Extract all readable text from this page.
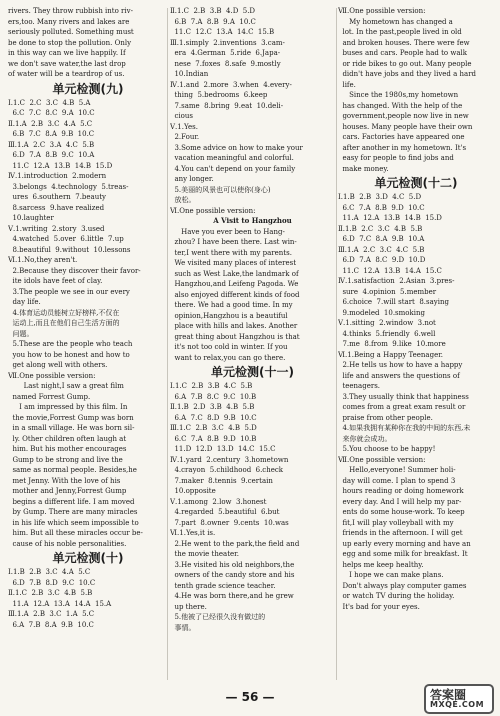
rivers. They throw rubbish into riv-
ers,too. Many rivers and lakes are
seriously polluted. Something must
be done to stop the pollution. Only
in this way can we live happily. If
we don't save water,the last drop
of water will be a teardrop of us.
单元检测(九)
Ⅰ.1.C  2.C  3.C  4.B  5.A
6.C  7.C  8.C  9.A  10.C
Ⅱ.1.A  2.B  3.C  4.A  5.C
6.B  7.C  8.A  9.B  10.C
Ⅲ.1.A  2.C  3.A  4.C  5.B
6.D  7.A  8.B  9.C  10.A
11.C  12.A  13.B  14.B  15.D
Ⅳ.1.introduction  2.modern
3.belongs  4.technology  5.treas-
ures  6.southern  7.beauty
8.sarcess  9.have realized
10.laughter
Ⅴ.1.writing  2.story  3.used
4.watched  5.over  6.little  7.up
8.beautiful  9.without  10.lessons
Ⅵ.1.No,they aren't.
2.Because they discover their favor-
ite idols have feet of clay.
3.The people we see in our every
day life.
4.体育运动员能树立好榜样,不仅在
运动上,而且在他们自己生活方面的
问题。
5.These are the people who teach
you how to be honest and how to
get along well with others.
Ⅶ.One possible version:
Last night,I saw a great film
named Forrest Gump.
I am impressed by this film. In
the movie,Forrest Gump was born
in a small village. He was born sil-
ly. Other children often laugh at
him. But his mother encourages
Gump to be strong and live the
same as normal people. Besides,he
met Jenny. With the love of his
mother and Jenny,Forrest Gump
begins a different life. I am moved
by Gump. There are many miracles
in his life which seem impossible to
him. But all these miracles occur be-
cause of his noble personalities.
单元检测(十)
Ⅰ.1.B  2.B  3.C  4.A  5.C
6.D  7.B  8.D  9.C  10.C
Ⅱ.1.C  2.B  3.C  4.B  5.B
11.A  12.A  13.A  14.A  15.A
Ⅲ.1.A  2.B  3.C  1.A  5.C
6.A  7.B  8.A  9.B  10.C
Ⅱ.1.C  2.B  3.B  4.D  5.D
6.B  7.A  8.B  9.A  10.C
11.C  12.C  13.A  14.C  15.B
Ⅲ.1.simply  2.inventions  3.cam-
era  4.German  5.ride  6.Japa-
nese  7.foxes  8.safe  9.mostly
10.Indian
Ⅳ.1.and  2.more  3.when  4.every-
thing  5.bedrooms  6.keep
7.same  8.bring  9.eat  10.deli-
cious
Ⅴ.1.Yes.
2.Four.
3.Some advice on how to make your
vacation meaningful and colorful.
4.You can't depend on your family
any longer.
5.美丽的风景也可以使你(身心)
放松。
Ⅵ.One possible version:
A Visit to Hangzhou
Have you ever been to Hang-
zhou? I have been there. Last win-
ter,I went there with my parents.
We visited many places of interest
such as West Lake,the landmark of
Hangzhou,and Leifeng Pagoda. We
also enjoyed different kinds of food
there. We had a good time. In my
opinion,Hangzhou is a beautiful
place with hills and lakes. Another
great thing about Hangzhou is that
it's not too cold in winter. If you
want to relax,you can go there.
单元检测(十一)
Ⅰ.1.C  2.B  3.B  4.C  5.B
6.A  7.B  8.C  9.C  10.B
Ⅱ.1.B  2.D  3.B  4.B  5.B
6.A  7.C  8.D  9.B  10.C
Ⅲ.1.C  2.B  3.C  4.B  5.D
6.C  7.A  8.B  9.D  10.B
11.D  12.D  13.D  14.C  15.C
Ⅳ.1.yard  2.century  3.hometown
4.crayon  5.childhood  6.check
7.maker  8.tennis  9.certain
10.opposite
Ⅴ.1.among  2.low  3.honest
4.regarded  5.beautiful  6.but
7.part  8.owner  9.cents  10.was
Ⅵ.1.Yes,it is.
2.He went to the park,the field and
the movie theater.
3.He visited his old neighbors,the
owners of the candy store and his
tenth grade science teacher.
4.He was born there,and he grew
up there.
5.他被了已经很久没有做过的
事情。
Ⅶ.One possible version:
My hometown has changed a
lot. In the past,people lived in old
and broken houses. There were few
buses and cars. People had to walk
or ride bikes to go out. Many people
didn't have jobs and they lived a hard
life.
Since the 1980s,my hometown
has changed. With the help of the
government,people now live in new
houses. Many people have their own
cars. Factories have appeared one
after another in my hometown. It's
easy for people to find jobs and
make money.
单元检测(十二)
Ⅰ.1.B  2.B  3.D  4.C  5.D
6.C  7.A  8.B  9.D  10.C
11.A  12.A  13.B  14.B  15.D
Ⅱ.1.B  2.C  3.C  4.B  5.B
6.D  7.C  8.A  9.B  10.A
Ⅲ.1.A  2.C  3.C  4.C  5.B
6.D  7.A  8.C  9.D  10.D
11.C  12.A  13.B  14.A  15.C
Ⅳ.1.satisfaction  2.Asian  3.pres-
sure  4.opinion  5.member
6.choice  7.will start  8.saying
9.modeled  10.smoking
Ⅴ.1.sitting  2.window  3.not
4.thinks  5.friendly  6.well
7.me  8.from  9.like  10.more
Ⅵ.1.Being a Happy Teenager.
2.He tells us how to have a happy
life and answers the questions of
teenagers.
3.They usually think that happiness
comes from a great exam result or
praise from other people.
4.如果我拥有某种你在我的中间的东西,未
来你就会成功。
5.You choose to be happy!
Ⅶ.One possible version:
Hello,everyone! Summer holi-
day will come. I plan to spend 3
hours reading or doing homework
every day. And I will help my par-
ents do some house-work. To keep
fit,I will play volleyball with my
friends in the afternoon. I will get
up early every morning and have an
egg and some milk for breakfast. It
helps me keep healthy.
I hope we can make plans.
Don't always play computer games
or watch TV during the holiday.
It's bad for your eyes.
— 56 —	答案圈
MXQE.COM
